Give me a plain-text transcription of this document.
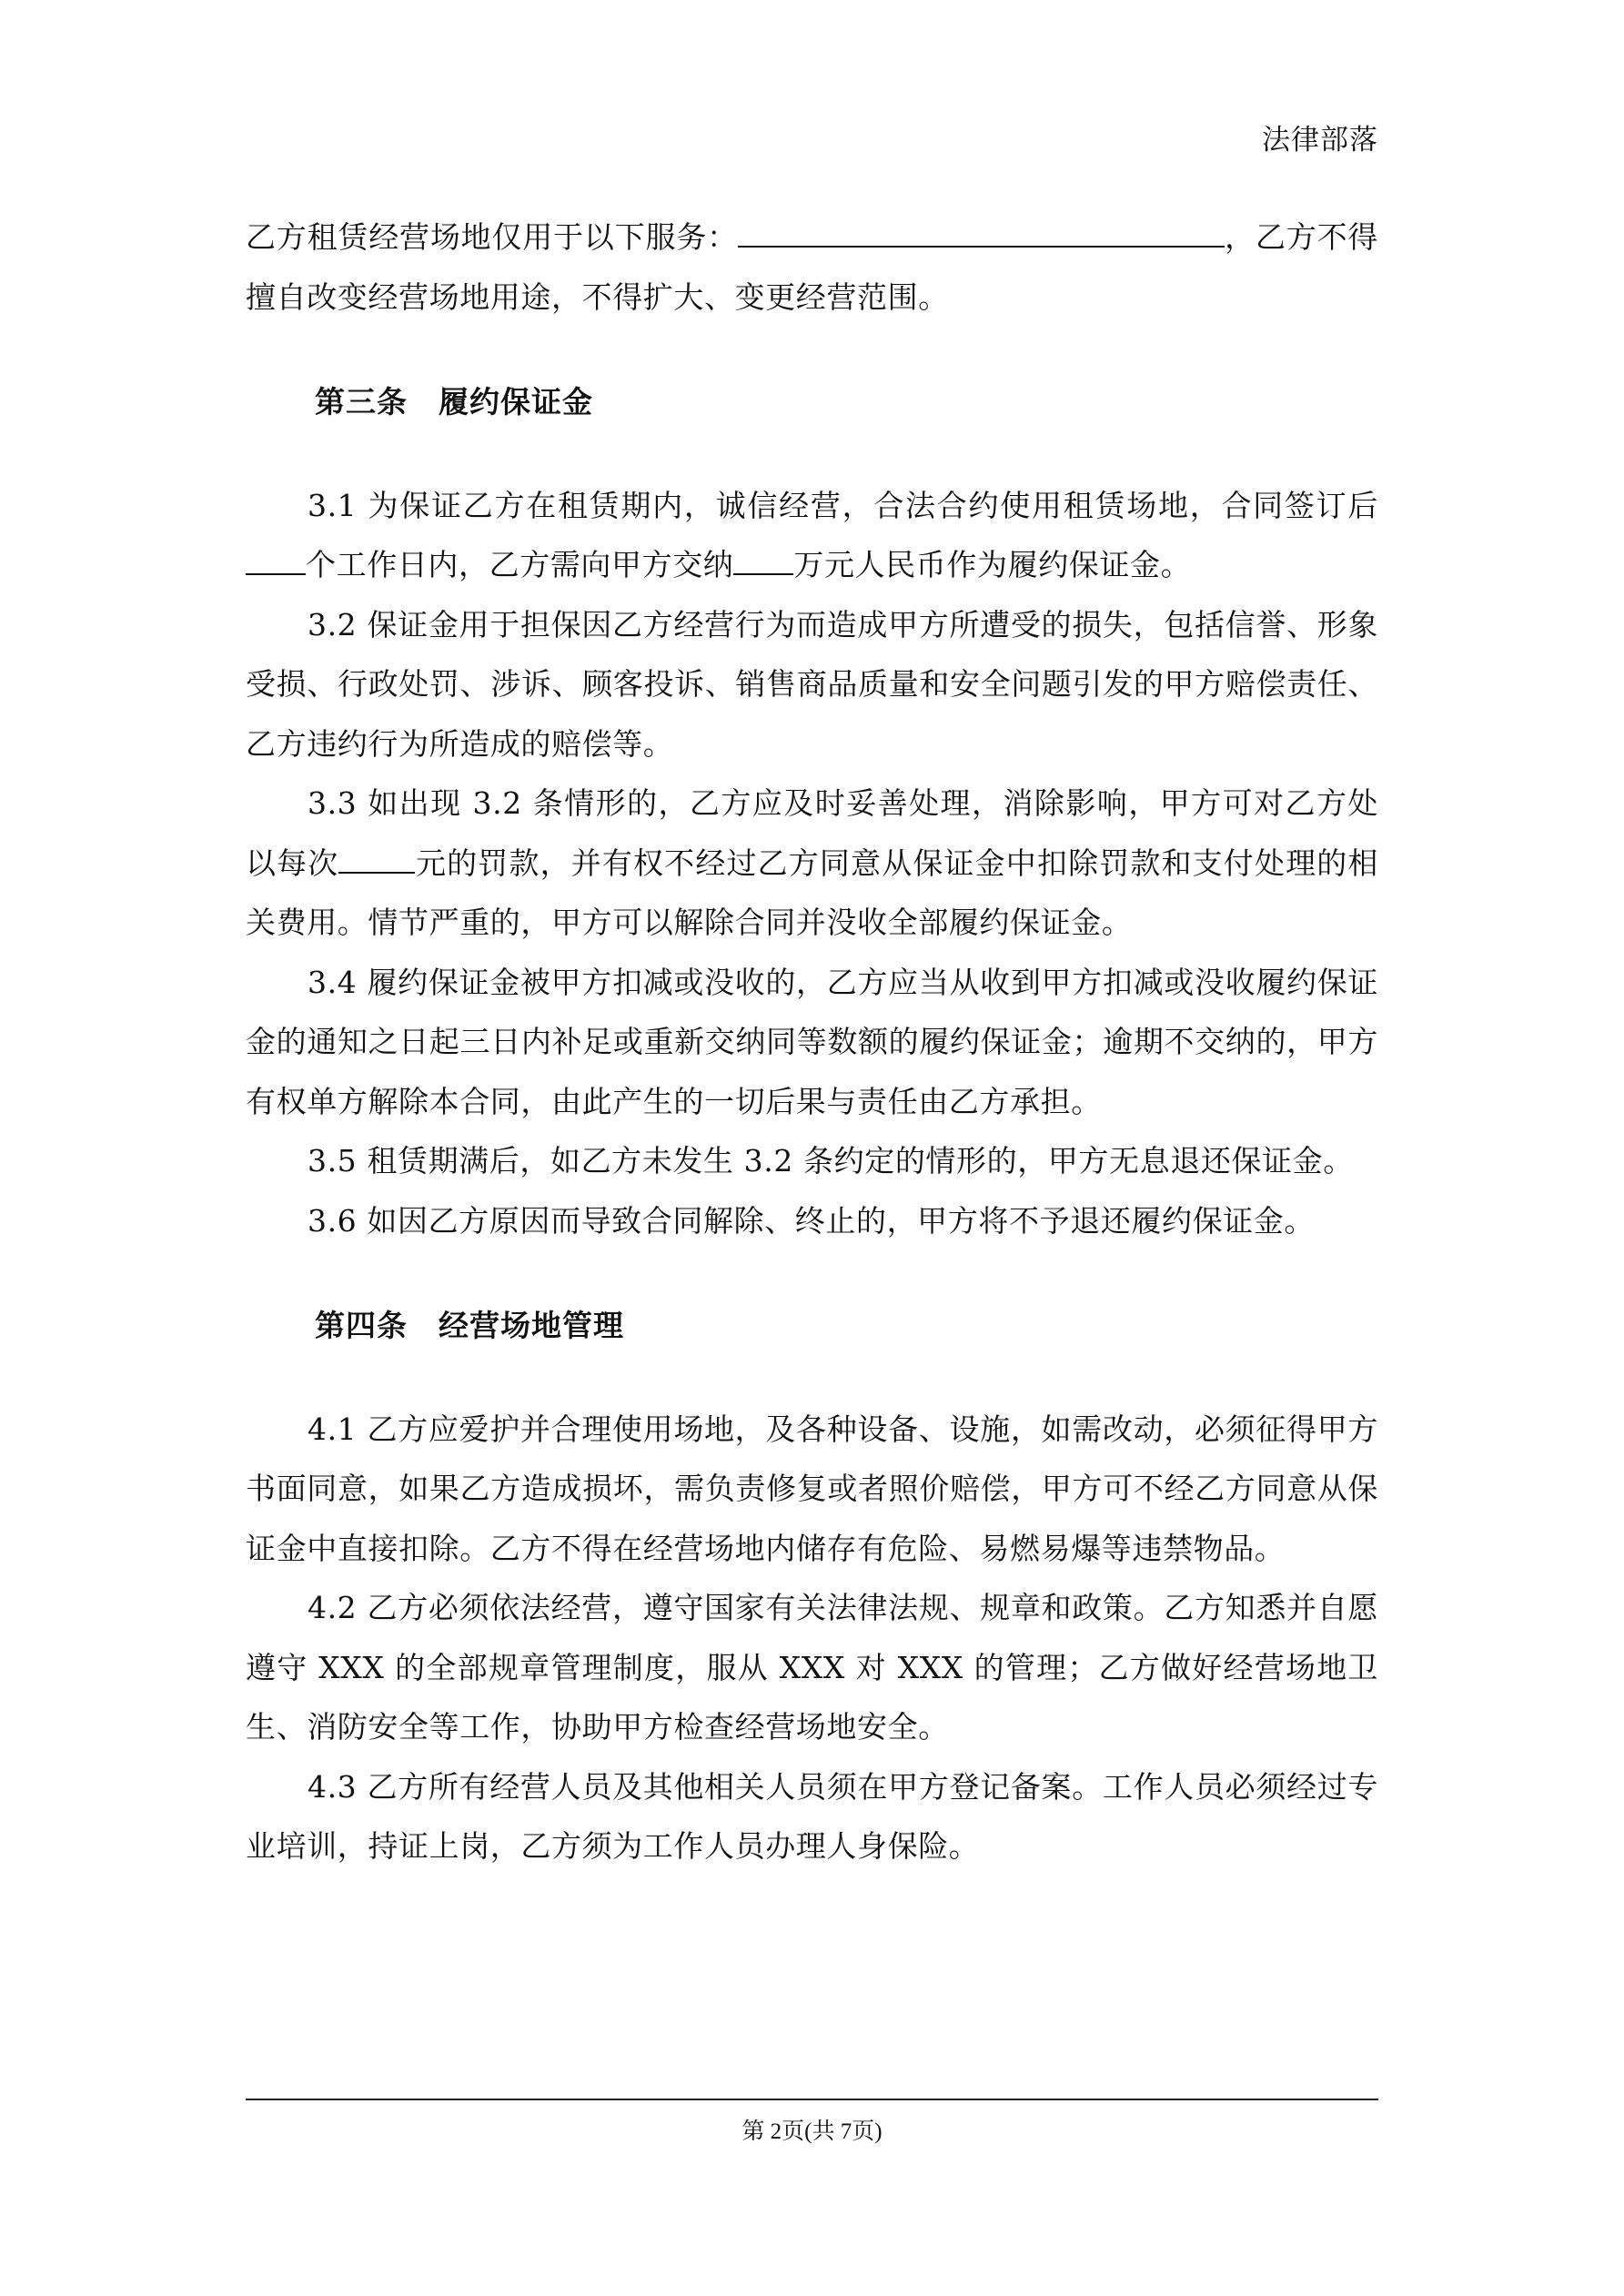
法律部落

乙方租赁经营场地仅用于以下服务：	，乙方不得擅自改变经营场地用途，不得扩大、变更经营范围。

第三条 履约保证金

3.1 为保证乙方在租赁期内，诚信经营，合法合约使用租赁场地，合同签订后个工作日内，乙方需向甲方交纳 万元人民币作为履约保证金。

3.2 保证金用于担保因乙方经营行为而造成甲方所遭受的损失，包括信誉、形象受损、行政处罚、涉诉、顾客投诉、销售商品质量和安全问题引发的甲方赔偿责任、乙方违约行为所造成的赔偿等。

3.3 如出现 3.2 条情形的，乙方应及时妥善处理，消除影响，甲方可对乙方处以每次	元的罚款，并有权不经过乙方同意从保证金中扣除罚款和支付处理的相关费用。情节严重的，甲方可以解除合同并没收全部履约保证金。

3.4 履约保证金被甲方扣减或没收的，乙方应当从收到甲方扣减或没收履约保证金的通知之日起三日内补足或重新交纳同等数额的履约保证金；逾期不交纳的，甲方有权单方解除本合同，由此产生的一切后果与责任由乙方承担。

3.5 租赁期满后，如乙方未发生 3.2 条约定的情形的，甲方无息退还保证金。

3.6 如因乙方原因而导致合同解除、终止的，甲方将不予退还履约保证金。

第四条 经营场地管理

4.1 乙方应爱护并合理使用场地，及各种设备、设施，如需改动，必须征得甲方书面同意，如果乙方造成损坏，需负责修复或者照价赔偿，甲方可不经乙方同意从保证金中直接扣除。乙方不得在经营场地内储存有危险、易燃易爆等违禁物品。

4.2 乙方必须依法经营，遵守国家有关法律法规、规章和政策。乙方知悉并自愿遵守 XXX 的全部规章管理制度，服从 XXX 对 XXX 的管理；乙方做好经营场地卫生、消防安全等工作，协助甲方检查经营场地安全。

4.3 乙方所有经营人员及其他相关人员须在甲方登记备案。工作人员必须经过专业培训，持证上岗，乙方须为工作人员办理人身保险。

第 2页(共 7页)
